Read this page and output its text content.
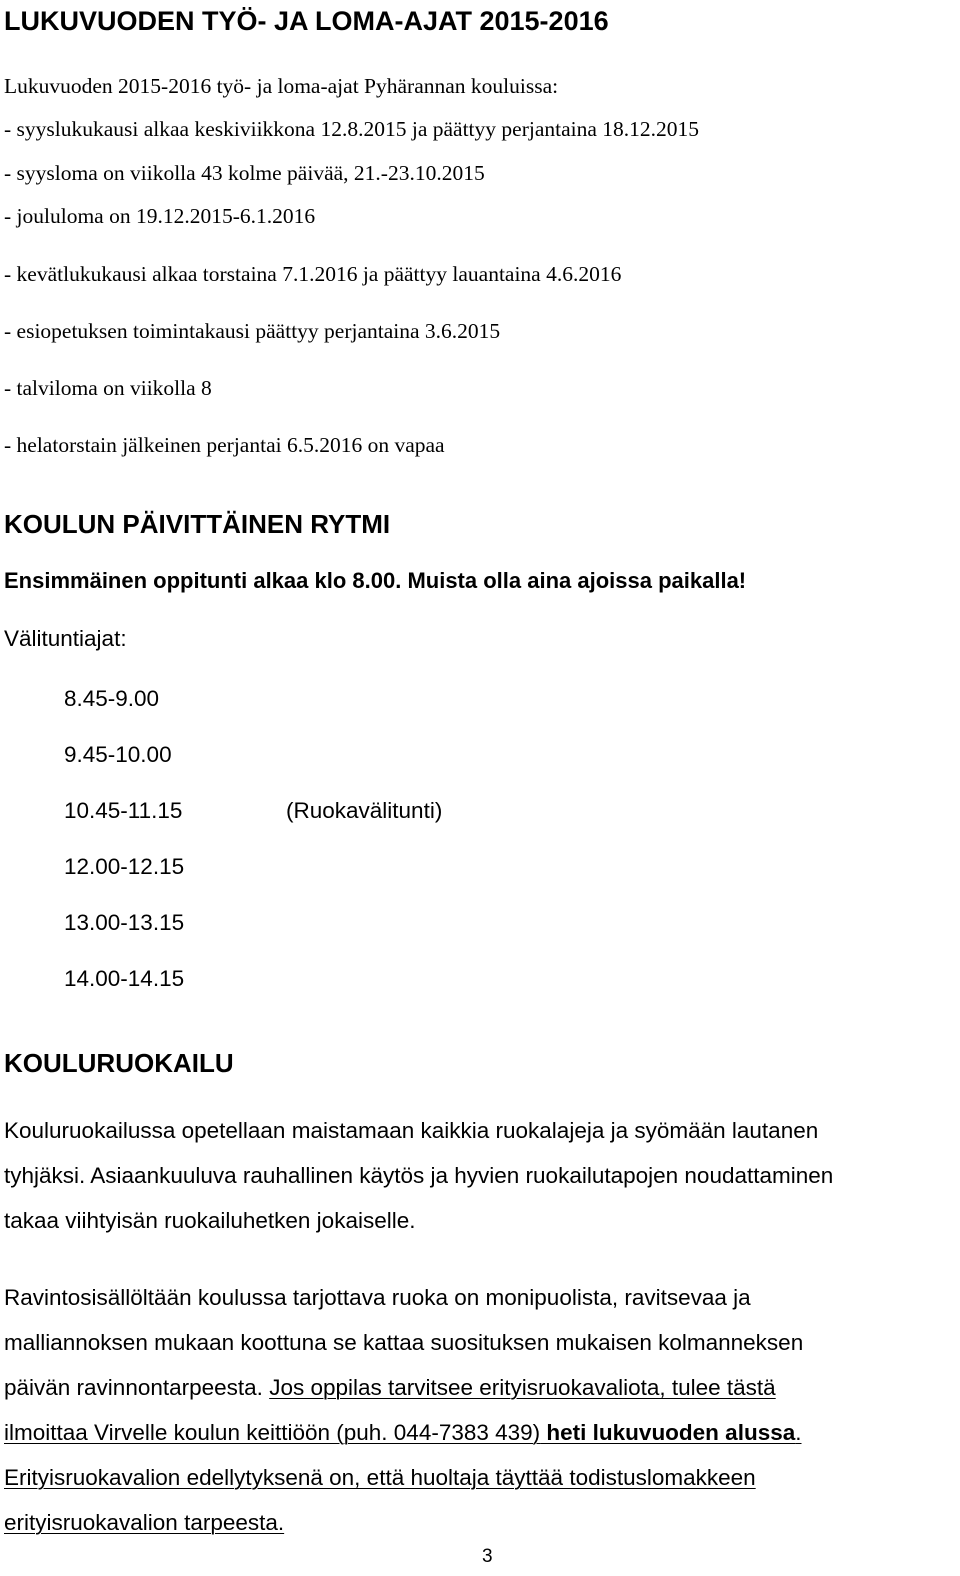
LUKUVUODEN TYÖ- JA LOMA-AJAT 2015-2016
Lukuvuoden 2015-2016 työ- ja loma-ajat Pyhärannan kouluissa:
- syyslukukausi alkaa keskiviikkona 12.8.2015 ja päättyy perjantaina 18.12.2015
- syysloma on viikolla 43 kolme päivää, 21.-23.10.2015
- joululoma on 19.12.2015-6.1.2016
- kevätlukukausi alkaa torstaina 7.1.2016 ja päättyy lauantaina 4.6.2016
- esiopetuksen toimintakausi päättyy perjantaina 3.6.2015
- talviloma on viikolla 8
- helatorstain jälkeinen perjantai 6.5.2016 on vapaa
KOULUN PÄIVITTÄINEN RYTMI
Ensimmäinen oppitunti alkaa klo 8.00. Muista olla aina ajoissa paikalla!
Välituntiajat:
8.45-9.00
9.45-10.00
10.45-11.15	(Ruokavälitunti)
12.00-12.15
13.00-13.15
14.00-14.15
KOULURUOKAILU
Kouluruokailussa opetellaan maistamaan kaikkia ruokalajeja ja syömään lautanen
tyhjäksi. Asiaankuuluva rauhallinen käytös ja hyvien ruokailutapojen noudattaminen
takaa viihtyisän ruokailuhetken jokaiselle.
Ravintosisällöltään koulussa tarjottava ruoka on monipuolista, ravitsevaa ja
malliannoksen mukaan koottuna se kattaa suosituksen mukaisen kolmanneksen
päivän ravinnontarpeesta. Jos oppilas tarvitsee erityisruokavaliota, tulee tästä
ilmoittaa Virvelle koulun keittiöön (puh. 044-7383 439) heti lukuvuoden alussa.
Erityisruokavalion edellytyksenä on, että huoltaja täyttää todistuslomakkeen
erityisruokavalion tarpeesta.
3
